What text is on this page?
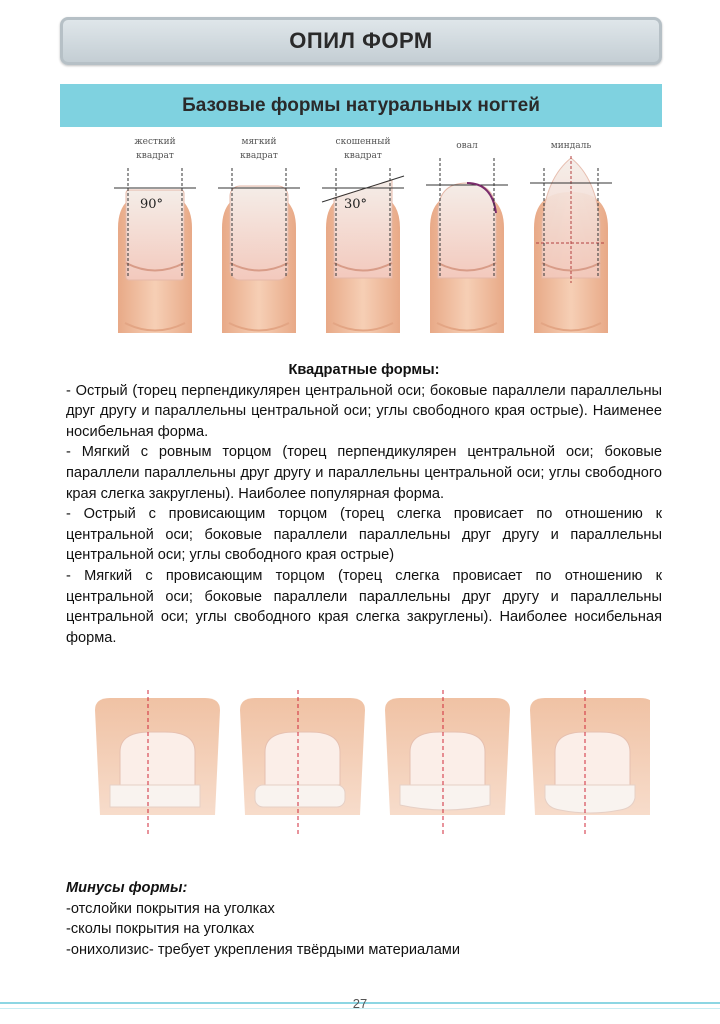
ОПИЛ ФОРМ
Базовые формы натуральных ногтей
жесткий
квадрат
90°
мягкий
квадрат
скошенный
квадрат
30°
овал	миндаль
Квадратные формы:

- Острый (торец перпендикулярен центральной оси; боковые параллели параллельны друг другу и параллельны центральной оси; углы свободного края острые). Наименее носибельная форма.

- Мягкий с ровным торцом (торец перпендикулярен центральной оси; боковые параллели параллельны друг другу и параллельны центральной оси; углы свободного края слегка закруглены). Наиболее популярная форма.

- Острый с провисающим торцом (торец слегка провисает по отношению к центральной оси; боковые параллели параллельны друг другу и параллельны центральной оси; углы свободного края острые)

- Мягкий с провисающим торцом (торец слегка провисает по отношению к центральной оси; боковые параллели параллельны друг другу и параллельны центральной оси; углы свободного края слегка закруглены). Наиболее носибельная форма.

Минусы формы:
-отслойки покрытия на уголках
-сколы покрытия на уголках
-онихолизис- требует укрепления твёрдыми материалами
27
